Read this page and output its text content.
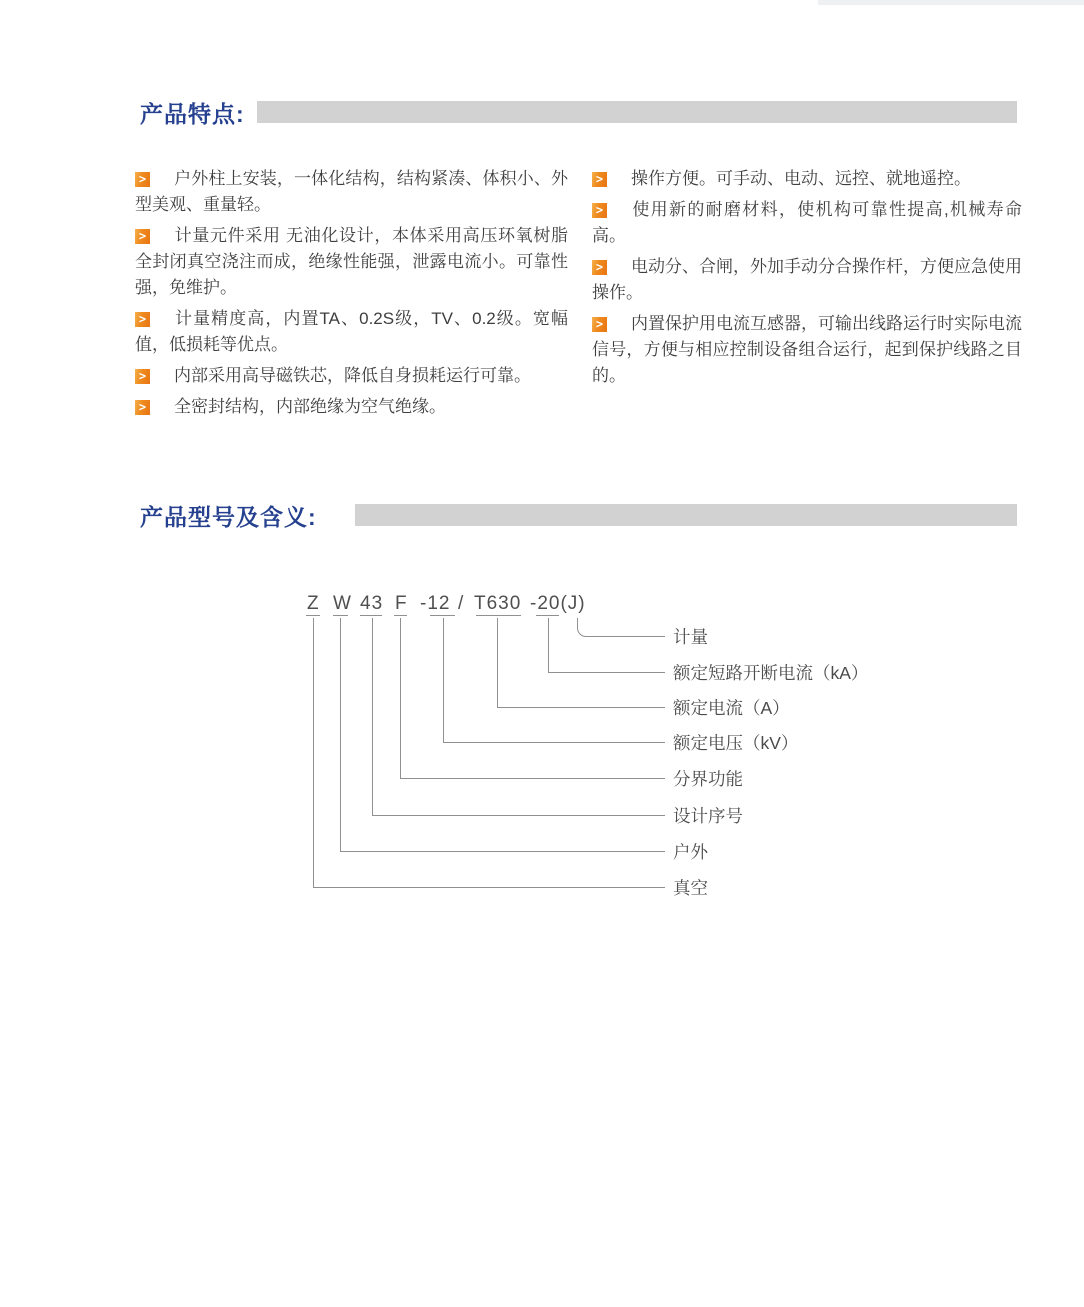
产品特点:

> 户外柱上安装，一体化结构，结构紧凑、体积小、外型美观、重量轻。

> 计量元件采用 无油化设计，本体采用高压环氧树脂全封闭真空浇注而成，绝缘性能强，泄露电流小。可靠性强，免维护。

> 计量精度高，内置TA、0.2S级，TV、0.2级。宽幅值，低损耗等优点。

> 内部采用高导磁铁芯，降低自身损耗运行可靠。

> 全密封结构，内部绝缘为空气绝缘。

> 操作方便。可手动、电动、远控、就地遥控。

> 使用新的耐磨材料，使机构可靠性提高,机械寿命高。

> 电动分、合闸，外加手动分合操作杆，方便应急使用操作。

> 内置保护用电流互感器，可输出线路运行时实际电流信号，方便与相应控制设备组合运行，起到保护线路之目的。

产品型号及含义:
Z W 43 F -12 / T630 -20(J)
计量
额定短路开断电流（kA）
额定电流（A）
额定电压（kV）
分界功能
设计序号
户外
真空
